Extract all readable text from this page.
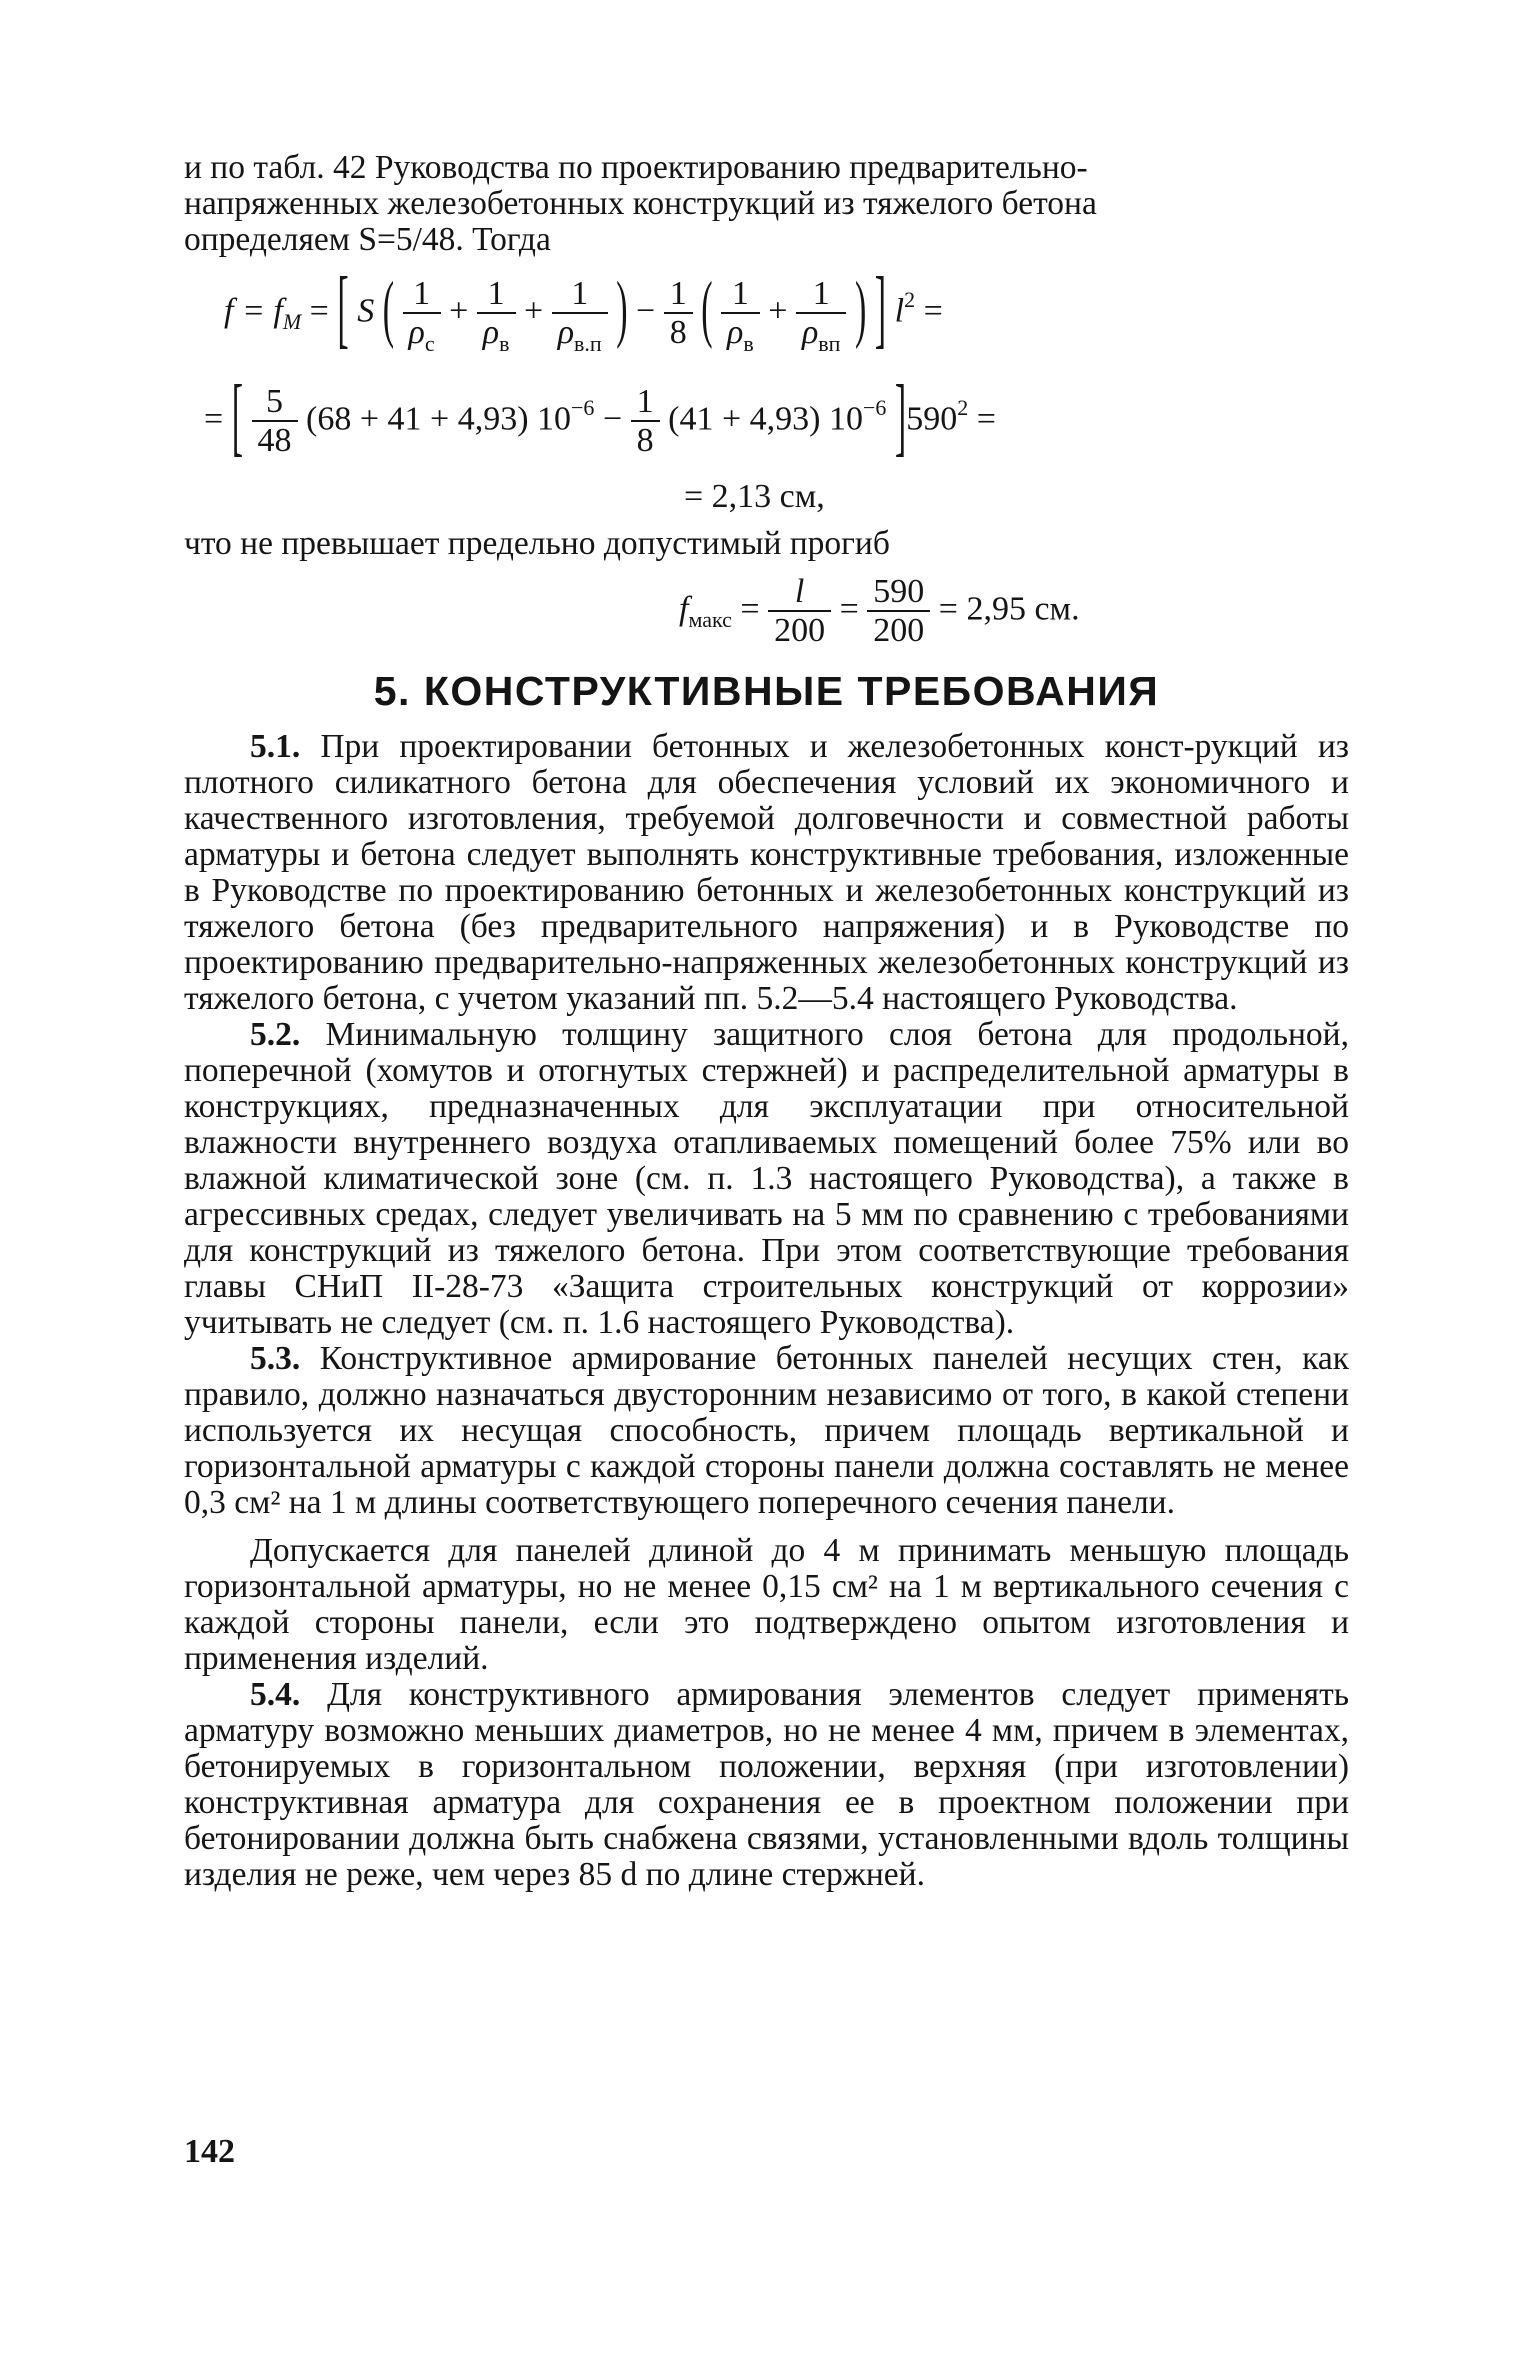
и по табл. 42 Руководства по проектированию предварительно-
напряженных железобетонных конструкций из тяжелого бетона
определяем S=5/48. Тогда

$f = f_M$ = [ S ( $\frac{1}{\rho_c} + \frac{1}{\rho_в} + \frac{1}{\rho_{в.п}}$ ) − $\frac{1}{8}$ ( $\frac{1}{\rho_в} + \frac{1}{\rho_{вп}}$ ) ] $l^2$ =
= [ $\frac{5}{48} (68 + 41 + 4,93) 10^{-6} - \frac{1}{8} (41 + 4,93)$ $10^{-6}$ ]$590^2$ =
= 2,13 см,

что не превышает предельно допустимый прогиб

$f_{макс} = \frac{l}{200} = \frac{590}{200} = 2,95$ см.
5. КОНСТРУКТИВНЫЕ ТРЕБОВАНИЯ

5.1. При проектировании бетонных и железобетонных конст-рукций из плотного силикатного бетона для обеспечения условий их экономичного и качественного изготовления, требуемой долговечности и совместной работы арматуры и бетона следует выполнять конструктивные требования, изложенные в Руководстве по проектированию бетонных и железобетонных конструкций из тяжелого бетона (без предварительного напряжения) и в Руководстве по проектированию предварительно-напряженных железобетонных конструкций из тяжелого бетона, с учетом указаний пп. 5.2—5.4 настоящего Руководства.

5.2. Минимальную толщину защитного слоя бетона для продольной, поперечной (хомутов и отогнутых стержней) и распределительной арматуры в конструкциях, предназначенных для эксплуатации при относительной влажности внутреннего воздуха отапливаемых помещений более 75% или во влажной климатической зоне (см. п. 1.3 настоящего Руководства), а также в агрессивных средах, следует увеличивать на 5 мм по сравнению с требованиями для конструкций из тяжелого бетона. При этом соответствующие требования главы СНиП II-28-73 «Защита строительных конструкций от коррозии» учитывать не следует (см. п. 1.6 настоящего Руководства).

5.3. Конструктивное армирование бетонных панелей несущих стен, как правило, должно назначаться двусторонним независимо от того, в какой степени используется их несущая способность, причем площадь вертикальной и горизонтальной арматуры с каждой стороны панели должна составлять не менее 0,3 см² на 1 м длины соответствующего поперечного сечения панели.

Допускается для панелей длиной до 4 м принимать меньшую площадь горизонтальной арматуры, но не менее 0,15 см² на 1 м вертикального сечения с каждой стороны панели, если это подтверждено опытом изготовления и применения изделий.

5.4. Для конструктивного армирования элементов следует применять арматуру возможно меньших диаметров, но не менее 4 мм, причем в элементах, бетонируемых в горизонтальном положении, верхняя (при изготовлении) конструктивная арматура для сохранения ее в проектном положении при бетонировании должна быть снабжена связями, установленными вдоль толщины изделия не реже, чем через 85 d по длине стержней.

142
